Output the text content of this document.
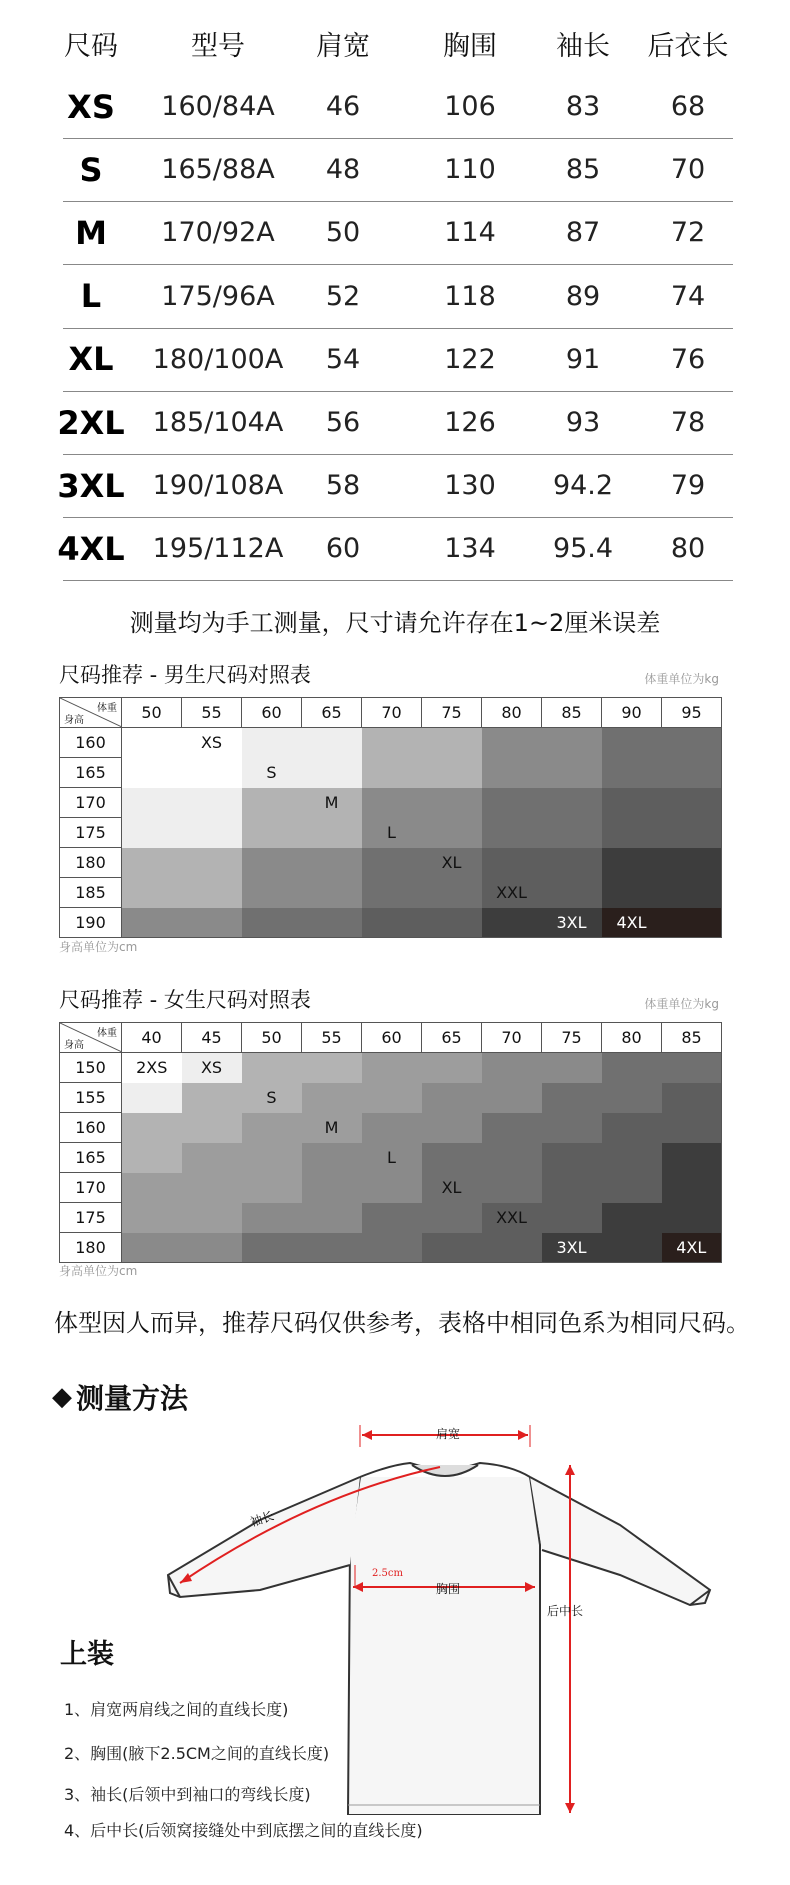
尺码	型号	肩宽	胸围	袖长	后衣长
XS	160/84A	46	106	83	68
S	165/88A	48	110	85	70
M	170/92A	50	114	87	72
L	175/96A	52	118	89	74
XL	180/100A	54	122	91	76
2XL	185/104A	56	126	93	78
3XL	190/108A	58	130	94.2	79
4XL	195/112A	60	134	95.4	80
测量均为手工测量，尺寸请允许存在1~2厘米误差
尺码推荐 - 男生尺码对照表	体重单位为kg
体重
身高	50	55	60	65	70	75	80	85	90	95
160		XS								
165			S							
170				M						
175					L					
180						XL				
185							XXL			
190								3XL	4XL	
身高单位为cm
尺码推荐 - 女生尺码对照表	体重单位为kg
体重
身高	40	45	50	55	60	65	70	75	80	85
150	2XS	XS								
155			S							
160				M						
165					L					
170						XL				
175							XXL			
180								3XL		4XL
身高单位为cm
体型因人而异，推荐尺码仅供参考，表格中相同色系为相同尺码。
◆ 测量方法
肩宽
袖长
胸围
2.5cm
后中长
上装
1、肩宽两肩线之间的直线长度)
2、胸围(腋下2.5CM之间的直线长度)
3、袖长(后领中到袖口的弯线长度)
4、后中长(后领窝接缝处中到底摆之间的直线长度)
